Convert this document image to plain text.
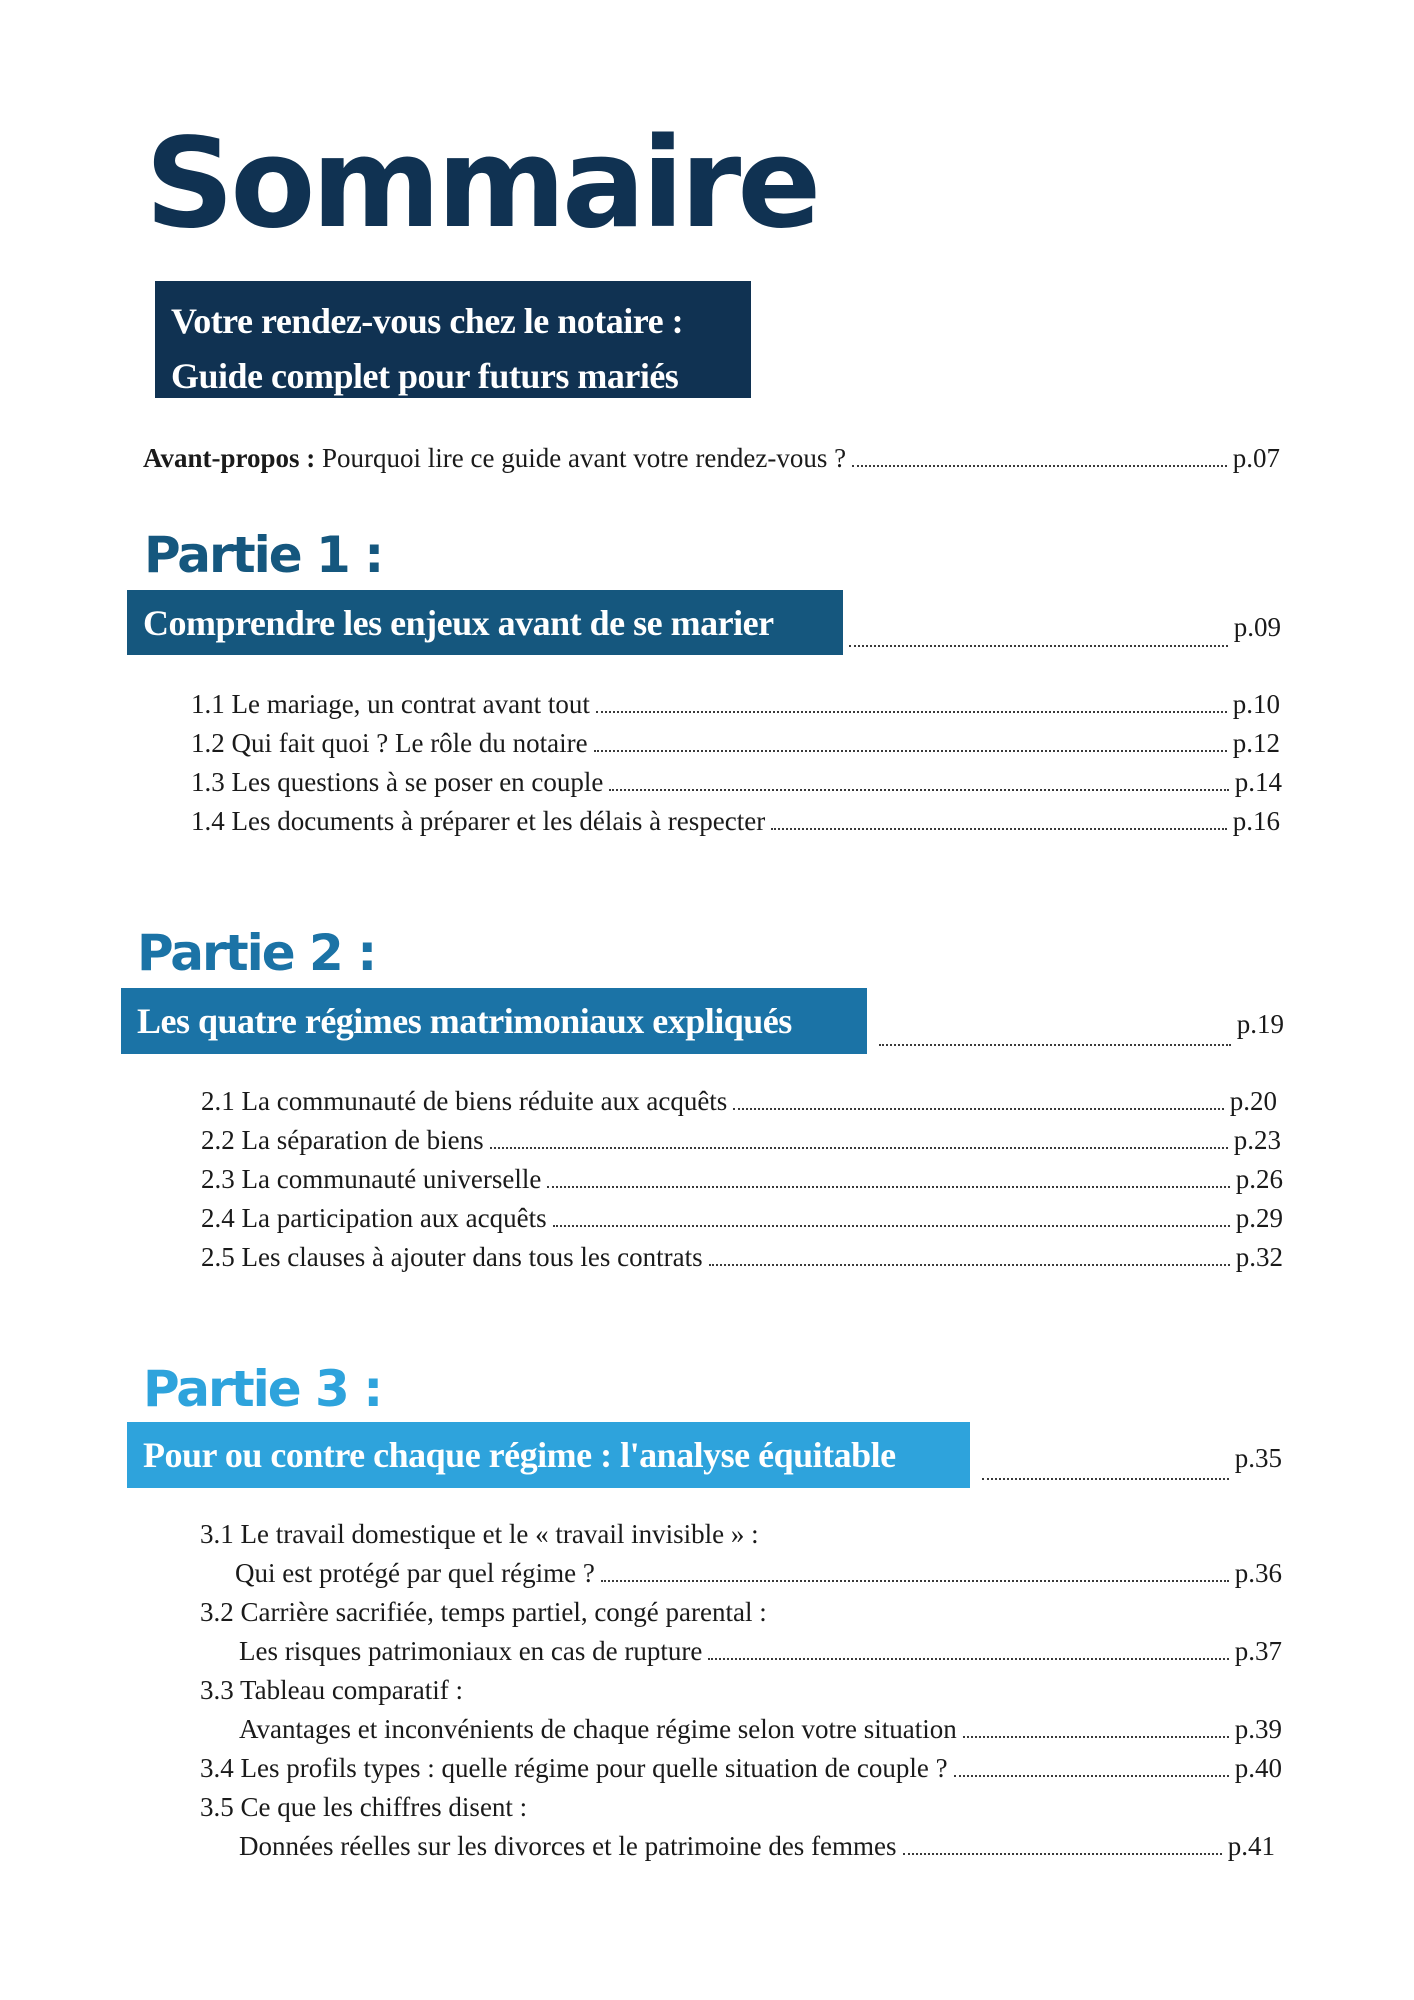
Sommaire
Votre rendez-vous chez le notaire :
Guide complet pour futurs mariés
Avant-propos : Pourquoi lire ce guide avant votre rendez-vous ?	p.07
Partie 1 :
Comprendre les enjeux avant de se marier	p.09
1.1 Le mariage, un contrat avant tout	p.10
1.2 Qui fait quoi ? Le rôle du notaire	p.12
1.3 Les questions à se poser en couple	p.14
1.4 Les documents à préparer et les délais à respecter	p.16
Partie 2 :
Les quatre régimes matrimoniaux expliqués	p.19
2.1 La communauté de biens réduite aux acquêts	p.20
2.2 La séparation de biens	p.23
2.3 La communauté universelle	p.26
2.4 La participation aux acquêts	p.29
2.5 Les clauses à ajouter dans tous les contrats	p.32
Partie 3 :
Pour ou contre chaque régime : l'analyse équitable	p.35
3.1 Le travail domestique et le « travail invisible » :
Qui est protégé par quel régime ?	p.36
3.2 Carrière sacrifiée, temps partiel, congé parental :
Les risques patrimoniaux en cas de rupture	p.37
3.3 Tableau comparatif :
Avantages et inconvénients de chaque régime selon votre situation	p.39
3.4 Les profils types : quelle régime pour quelle situation de couple ?	p.40
3.5 Ce que les chiffres disent :
Données réelles sur les divorces et le patrimoine des femmes	p.41
